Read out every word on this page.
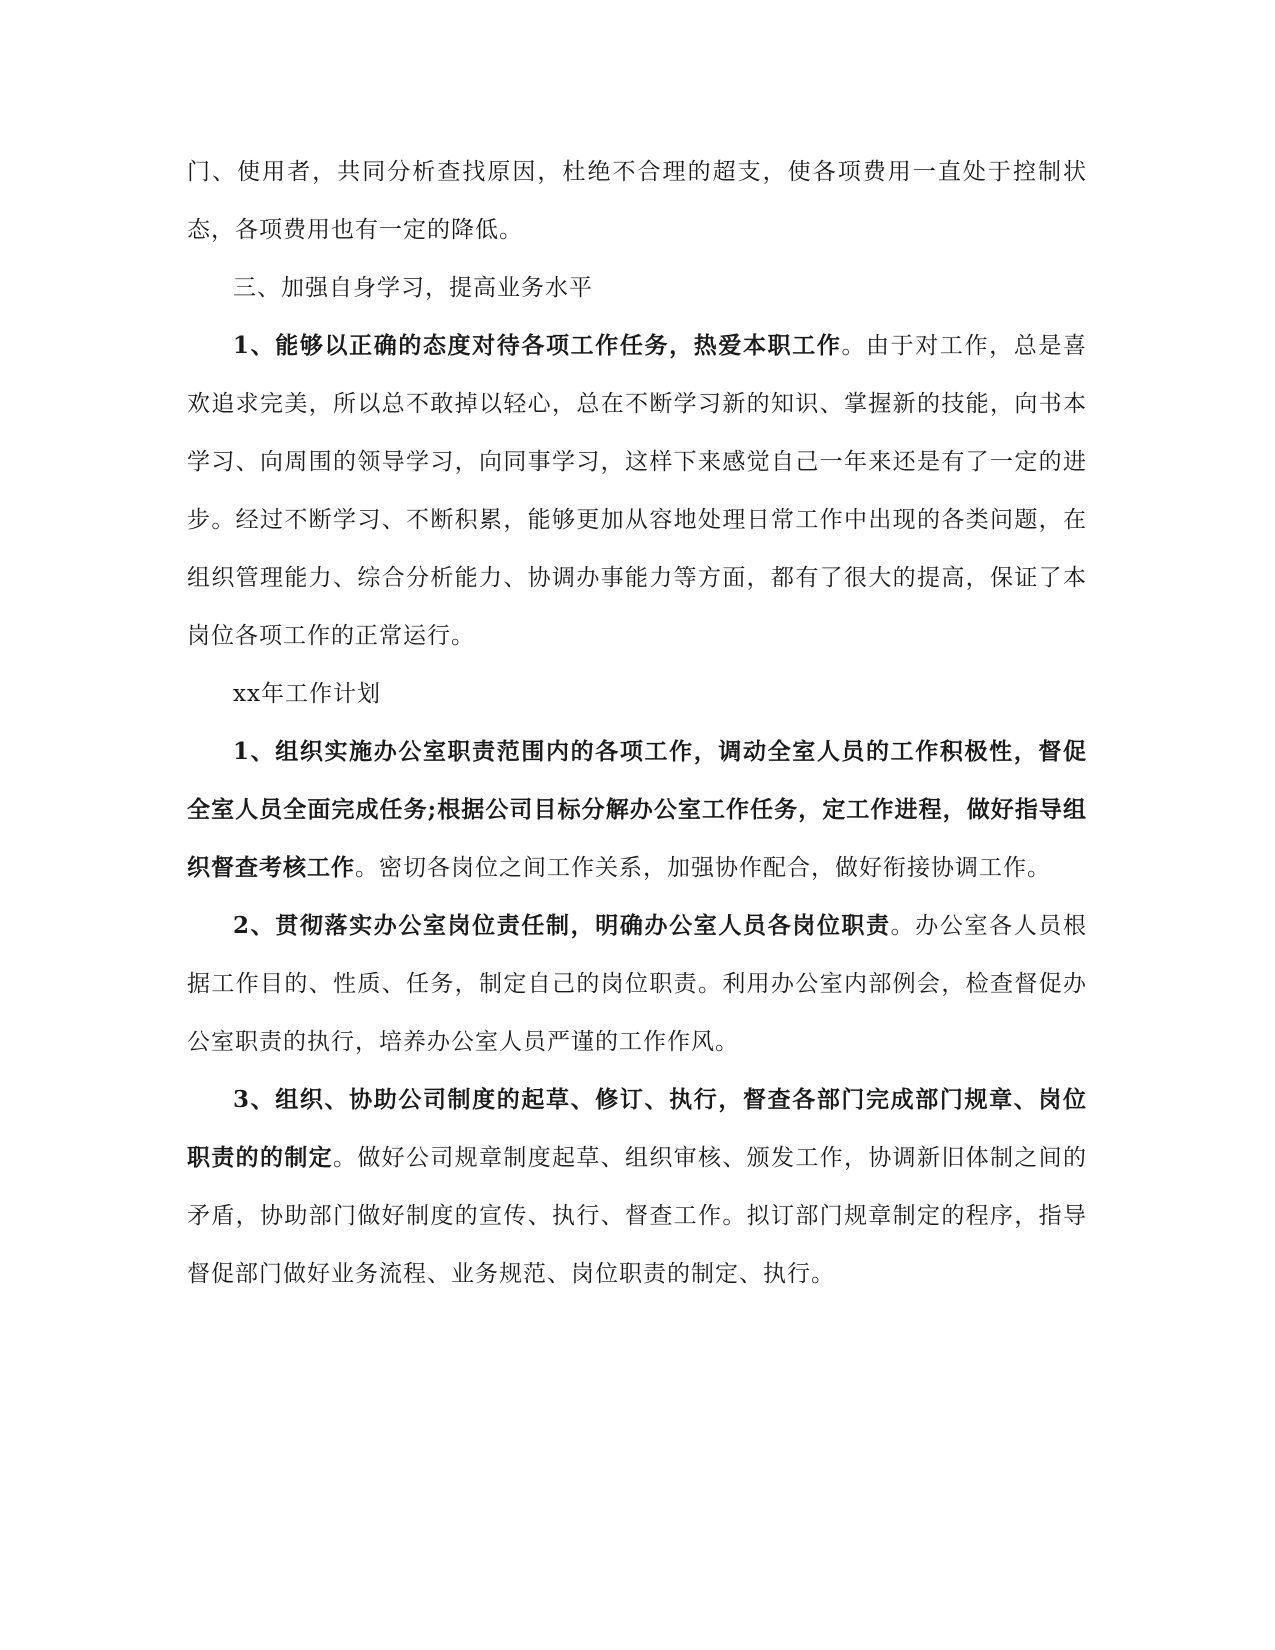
门、使用者，共同分析查找原因，杜绝不合理的超支，使各项费用一直处于控制状态，各项费用也有一定的降低。

三、加强自身学习，提高业务水平

1、能够以正确的态度对待各项工作任务，热爱本职工作。由于对工作，总是喜欢追求完美，所以总不敢掉以轻心，总在不断学习新的知识、掌握新的技能，向书本学习、向周围的领导学习，向同事学习，这样下来感觉自己一年来还是有了一定的进步。经过不断学习、不断积累，能够更加从容地处理日常工作中出现的各类问题，在组织管理能力、综合分析能力、协调办事能力等方面，都有了很大的提高，保证了本岗位各项工作的正常运行。

xx年工作计划

1、组织实施办公室职责范围内的各项工作，调动全室人员的工作积极性，督促全室人员全面完成任务;根据公司目标分解办公室工作任务，定工作进程，做好指导组织督查考核工作。密切各岗位之间工作关系，加强协作配合，做好衔接协调工作。

2、贯彻落实办公室岗位责任制，明确办公室人员各岗位职责。办公室各人员根据工作目的、性质、任务，制定自己的岗位职责。利用办公室内部例会，检查督促办公室职责的执行，培养办公室人员严谨的工作作风。

3、组织、协助公司制度的起草、修订、执行，督查各部门完成部门规章、岗位职责的的制定。做好公司规章制度起草、组织审核、颁发工作，协调新旧体制之间的矛盾，协助部门做好制度的宣传、执行、督查工作。拟订部门规章制定的程序，指导督促部门做好业务流程、业务规范、岗位职责的制定、执行。
